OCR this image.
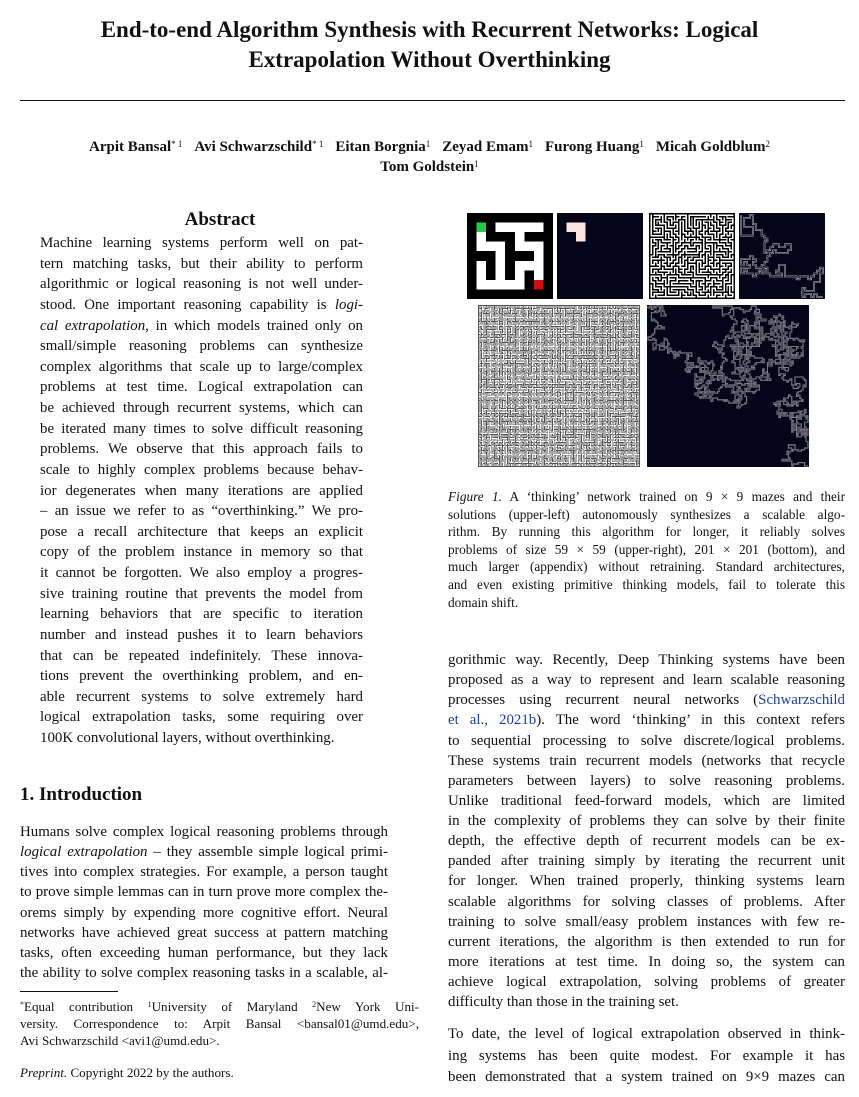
End-to-end Algorithm Synthesis with Recurrent Networks: Logical
Extrapolation Without Overthinking
Arpit Bansal$^{* 1}$ Avi Schwarzschild$^{* 1}$ Eitan Borgnia$^1$ Zeyad Emam$^1$ Furong Huang$^1$ Micah Goldblum$^2$
Tom Goldstein$^1$
Abstract
Machine learning systems perform well on pat-
tern matching tasks, but their ability to perform
algorithmic or logical reasoning is not well under-
stood. One important reasoning capability is logi-
cal extrapolation, in which models trained only on
small/simple reasoning problems can synthesize
complex algorithms that scale up to large/complex
problems at test time. Logical extrapolation can
be achieved through recurrent systems, which can
be iterated many times to solve difficult reasoning
problems. We observe that this approach fails to
scale to highly complex problems because behav-
ior degenerates when many iterations are applied
– an issue we refer to as “overthinking.” We pro-
pose a recall architecture that keeps an explicit
copy of the problem instance in memory so that
it cannot be forgotten. We also employ a progres-
sive training routine that prevents the model from
learning behaviors that are specific to iteration
number and instead pushes it to learn behaviors
that can be repeated indefinitely. These innova-
tions prevent the overthinking problem, and en-
able recurrent systems to solve extremely hard
logical extrapolation tasks, some requiring over
100K convolutional layers, without overthinking.
Figure 1. A ‘thinking’ network trained on 9 × 9 mazes and their
solutions (upper-left) autonomously synthesizes a scalable algo-
rithm. By running this algorithm for longer, it reliably solves
problems of size 59 × 59 (upper-right), 201 × 201 (bottom), and
much larger (appendix) without retraining. Standard architectures,
and even existing primitive thinking models, fail to tolerate this
domain shift.
gorithmic way. Recently, Deep Thinking systems have been
proposed as a way to represent and learn scalable reasoning
processes using recurrent neural networks (Schwarzschild
et al., 2021b). The word ‘thinking’ in this context refers
to sequential processing to solve discrete/logical problems.
These systems train recurrent models (networks that recycle
parameters between layers) to solve reasoning problems.
Unlike traditional feed-forward models, which are limited
in the complexity of problems they can solve by their finite
depth, the effective depth of recurrent models can be ex-
panded after training simply by iterating the recurrent unit
for longer. When trained properly, thinking systems learn
scalable algorithms for solving classes of problems. After
training to solve small/easy problem instances with few re-
current iterations, the algorithm is then extended to run for
more iterations at test time. In doing so, the system can
achieve logical extrapolation, solving problems of greater
difficulty than those in the training set.
To date, the level of logical extrapolation observed in think-
ing systems has been quite modest. For example it has
been demonstrated that a system trained on 9×9 mazes can
1. Introduction
Humans solve complex logical reasoning problems through
logical extrapolation – they assemble simple logical primi-
tives into complex strategies. For example, a person taught
to prove simple lemmas can in turn prove more complex the-
orems simply by expending more cognitive effort. Neural
networks have achieved great success at pattern matching
tasks, often exceeding human performance, but they lack
the ability to solve complex reasoning tasks in a scalable, al-
*Equal contribution $^1$University of Maryland $^2$New York Uni-
versity. Correspondence to: Arpit Bansal <bansal01@umd.edu>,
Avi Schwarzschild <avi1@umd.edu>.
Preprint. Copyright 2022 by the authors.
